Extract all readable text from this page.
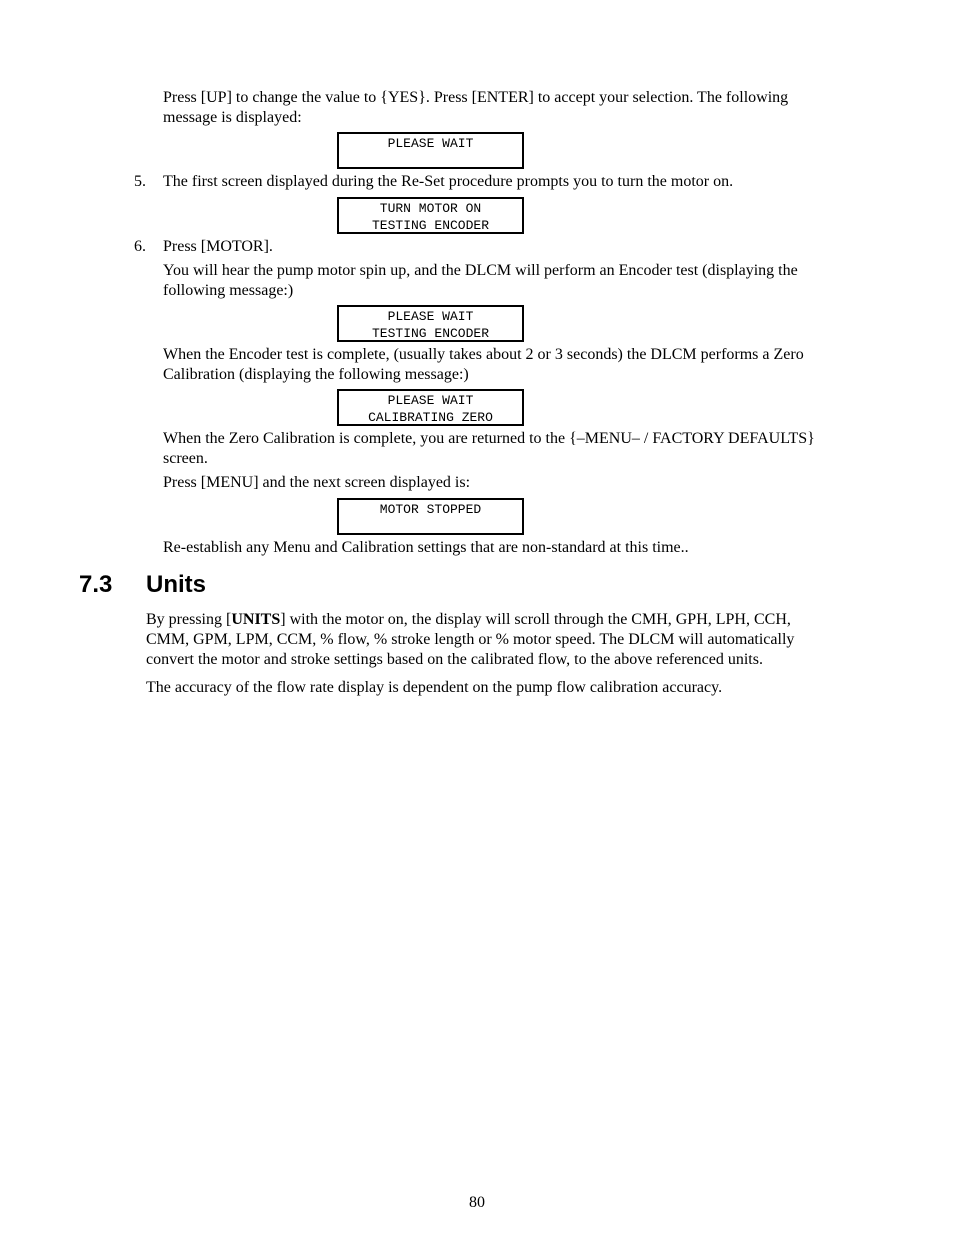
Press [UP] to change the value to {YES}. Press [ENTER] to accept your selection. The following
message is displayed:
PLEASE WAIT
5. The first screen displayed during the Re-Set procedure prompts you to turn the motor on.
TURN MOTOR ON
TESTING ENCODER
6. Press [MOTOR].
You will hear the pump motor spin up, and the DLCM will perform an Encoder test (displaying the
following message:)
PLEASE WAIT
TESTING ENCODER
When the Encoder test is complete, (usually takes about 2 or 3 seconds) the DLCM performs a Zero
Calibration (displaying the following message:)
PLEASE WAIT
CALIBRATING ZERO
When the Zero Calibration is complete, you are returned to the {–MENU– / FACTORY DEFAULTS}
screen.
Press [MENU] and the next screen displayed is:
MOTOR STOPPED
Re-establish any Menu and Calibration settings that are non-standard at this time..
7.3 Units
By pressing [UNITS] with the motor on, the display will scroll through the CMH, GPH, LPH, CCH,
CMM, GPM, LPM, CCM, % flow, % stroke length or % motor speed. The DLCM will automatically
convert the motor and stroke settings based on the calibrated flow, to the above referenced units.
The accuracy of the flow rate display is dependent on the pump flow calibration accuracy.
80
